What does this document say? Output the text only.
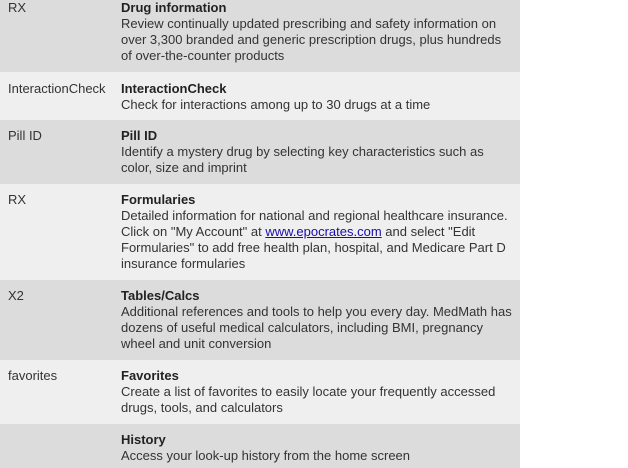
RX	Drug information
Review continually updated prescribing and safety information on over 3,300 branded and generic prescription drugs, plus hundreds of over-the-counter products

InteractionCheck	InteractionCheck
Check for interactions among up to 30 drugs at a time

Pill ID	Pill ID
Identify a mystery drug by selecting key characteristics such as color, size and imprint

RX	Formularies
Detailed information for national and regional healthcare insurance. Click on "My Account" at www.epocrates.com and select "Edit Formularies" to add free health plan, hospital, and Medicare Part D insurance formularies

X2	Tables/Calcs
Additional references and tools to help you every day. MedMath has dozens of useful medical calculators, including BMI, pregnancy wheel and unit conversion

favorites	Favorites
Create a list of favorites to easily locate your frequently accessed drugs, tools, and calculators

	History
Access your look-up history from the home screen
